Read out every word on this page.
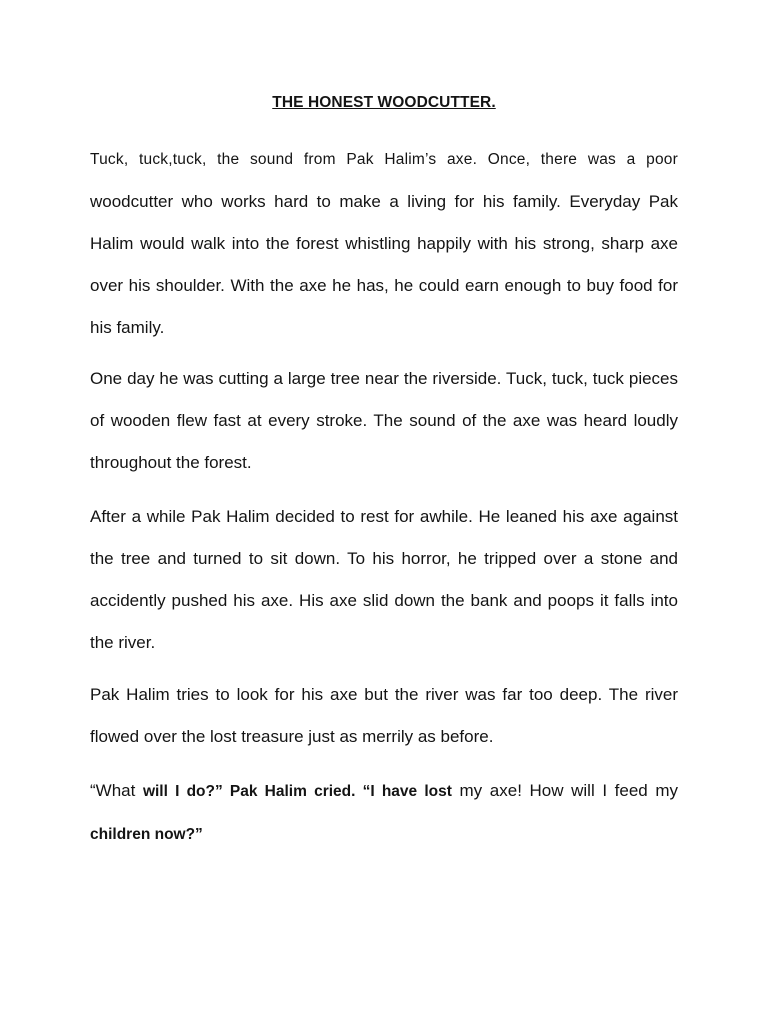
THE HONEST WOODCUTTER.

Tuck, tuck,tuck, the sound from Pak Halim’s axe. Once, there was a poor woodcutter who works hard to make a living for his family. Everyday Pak Halim would walk into the forest whistling happily with his strong, sharp axe over his shoulder. With the axe he has, he could earn enough to buy food for his family.

One day he was cutting a large tree near the riverside. Tuck, tuck, tuck pieces of wooden flew fast at every stroke. The sound of the axe was heard loudly throughout the forest.

After a while Pak Halim decided to rest for awhile. He leaned his axe against the tree and turned to sit down. To his horror, he tripped over a stone and accidently pushed his axe. His axe slid down the bank and poops it falls into the river.

Pak Halim tries to look for his axe but the river was far too deep. The river flowed over the lost treasure just as merrily as before.

“What will I do?” Pak Halim cried. “I have lost my axe! How will I feed my children now?”
